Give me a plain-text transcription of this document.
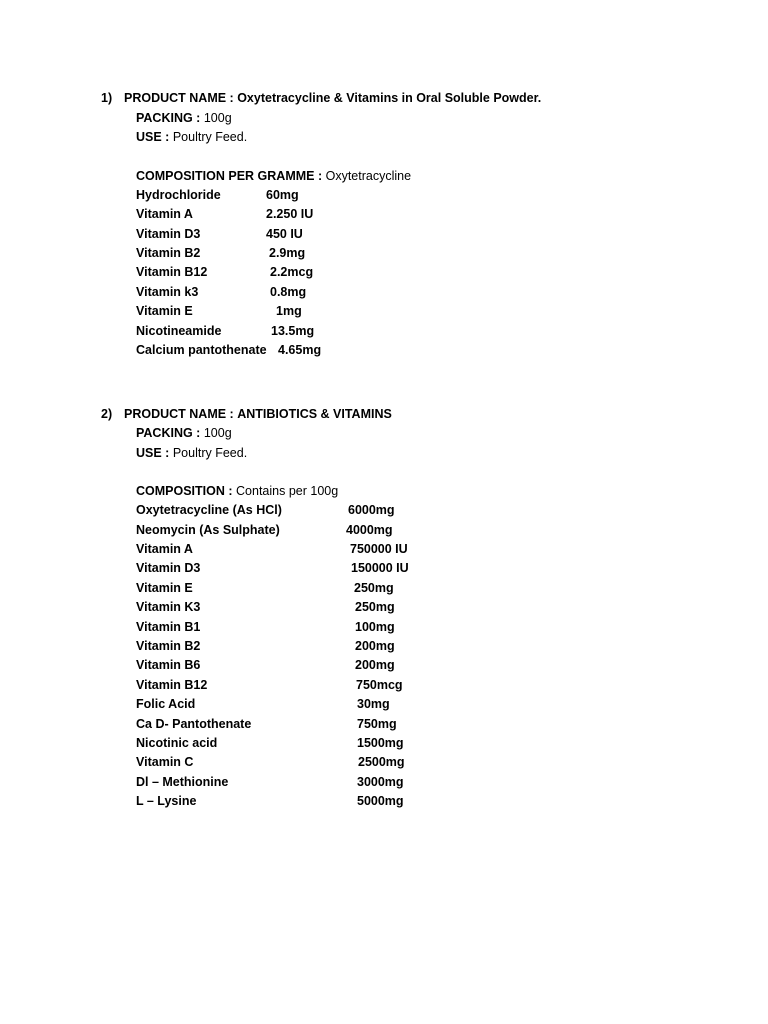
1) PRODUCT NAME : Oxytetracycline & Vitamins in Oral Soluble Powder.
PACKING : 100g
USE : Poultry Feed.
COMPOSITION PER GRAMME : Oxytetracycline
Hydrochloride	60mg
Vitamin A	2.250 IU
Vitamin D3	450 IU
Vitamin B2	2.9mg
Vitamin B12	2.2mcg
Vitamin k3	0.8mg
Vitamin E	1mg
Nicotineamide	13.5mg
Calcium pantothenate 4.65mg
2) PRODUCT NAME : ANTIBIOTICS & VITAMINS
PACKING : 100g
USE : Poultry Feed.
COMPOSITION : Contains per 100g
Oxytetracycline (As HCl)	6000mg
Neomycin (As Sulphate)	4000mg
Vitamin A	750000 IU
Vitamin D3	150000 IU
Vitamin E	250mg
Vitamin K3	250mg
Vitamin B1	100mg
Vitamin B2	200mg
Vitamin B6	200mg
Vitamin B12	750mcg
Folic Acid	30mg
Ca D- Pantothenate	750mg
Nicotinic acid	1500mg
Vitamin C	2500mg
Dl – Methionine	3000mg
L – Lysine	5000mg
